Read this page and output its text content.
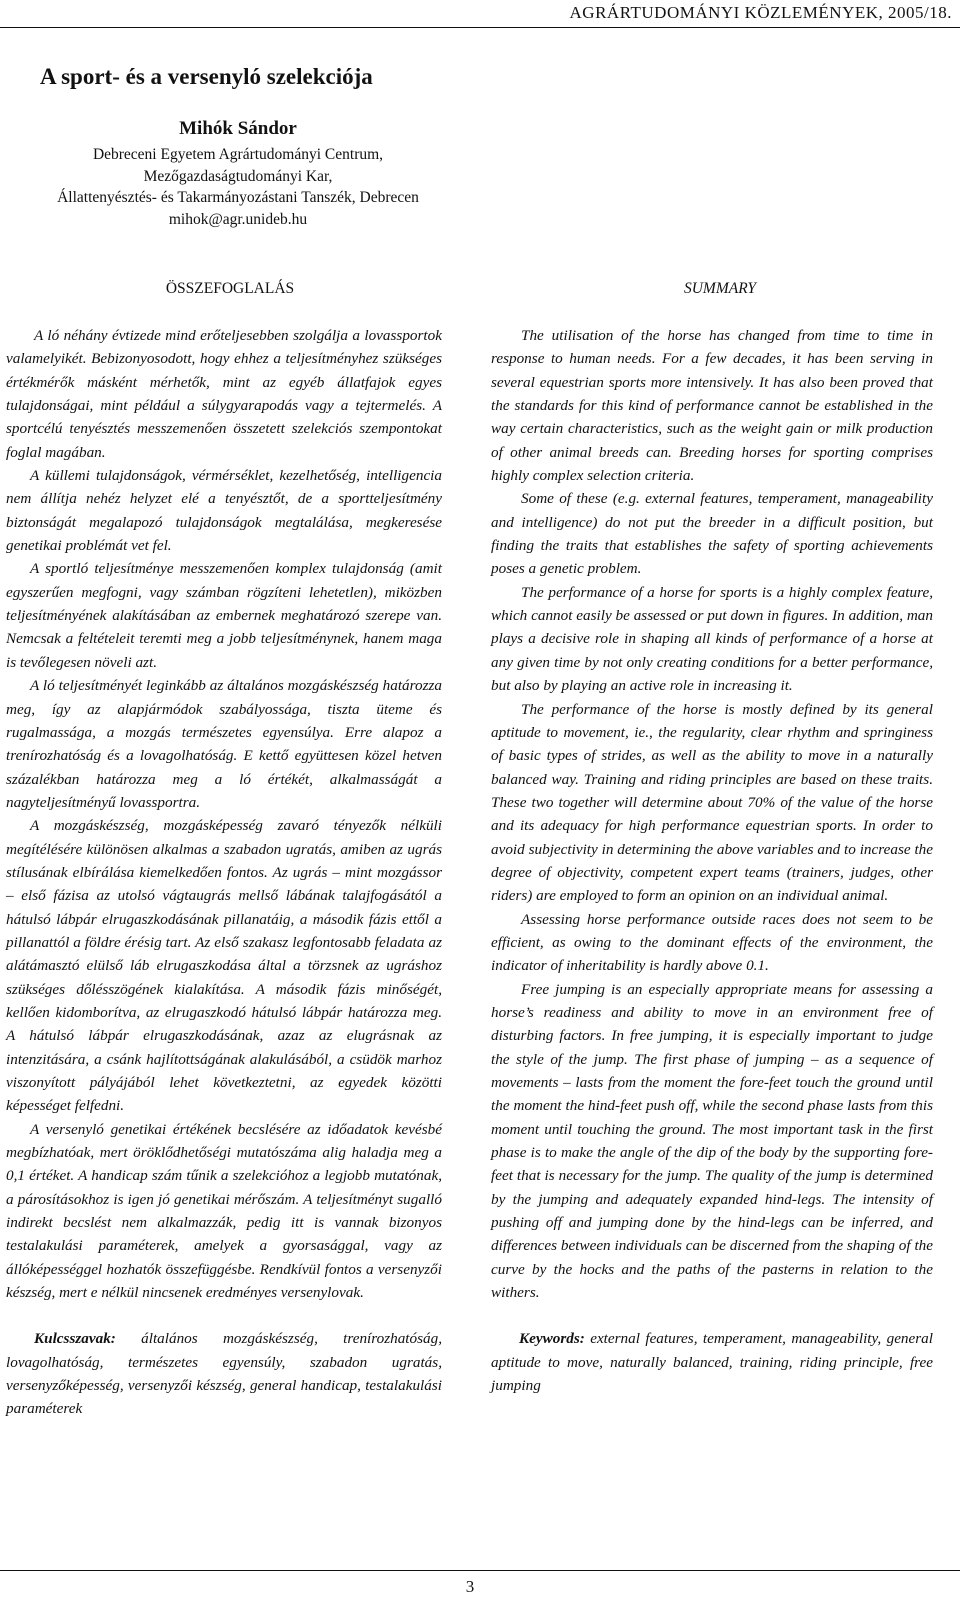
AGRÁRTUDOMÁNYI KÖZLEMÉNYEK, 2005/18.
A sport- és a versenyló szelekciója
Mihók Sándor
Debreceni Egyetem Agrártudományi Centrum,
Mezőgazdaságtudományi Kar,
Állattenyésztés- és Takarmányozástani Tanszék, Debrecen
mihok@agr.unideb.hu
ÖSSZEFOGLALÁS	SUMMARY

A ló néhány évtizede mind erőteljesebben szolgálja a lovassportok valamelyikét. Bebizonyosodott, hogy ehhez a teljesítményhez szükséges értékmérők másként mérhetők, mint az egyéb állatfajok egyes tulajdonságai, mint például a súlygyarapodás vagy a tejtermelés. A sportcélú tenyésztés messzemenően összetett szelekciós szempontokat foglal magában.

A küllemi tulajdonságok, vérmérséklet, kezelhetőség, intelligencia nem állítja nehéz helyzet elé a tenyésztőt, de a sportteljesítmény biztonságát megalapozó tulajdonságok megtalálása, megkeresése genetikai problémát vet fel.

A sportló teljesítménye messzemenően komplex tulajdonság (amit egyszerűen megfogni, vagy számban rögzíteni lehetetlen), miközben teljesítményének alakításában az embernek meghatározó szerepe van. Nemcsak a feltételeit teremti meg a jobb teljesítménynek, hanem maga is tevőlegesen növeli azt.

A ló teljesítményét leginkább az általános mozgáskészség határozza meg, így az alapjármódok szabályossága, tiszta üteme és rugalmassága, a mozgás természetes egyensúlya. Erre alapoz a trenírozhatóság és a lovagolhatóság. E kettő együttesen közel hetven százalékban határozza meg a ló értékét, alkalmasságát a nagyteljesítményű lovassportra.

A mozgáskészség, mozgásképesség zavaró tényezők nélküli megítélésére különösen alkalmas a szabadon ugratás, amiben az ugrás stílusának elbírálása kiemelkedően fontos. Az ugrás – mint mozgássor – első fázisa az utolsó vágtaugrás mellső lábának talajfogásától a hátulsó lábpár elrugaszkodásának pillanatáig, a második fázis ettől a pillanattól a földre érésig tart. Az első szakasz legfontosabb feladata az alátámasztó elülső láb elrugaszkodása által a törzsnek az ugráshoz szükséges dőlésszögének kialakítása. A második fázis minőségét, kellően kidomborítva, az elrugaszkodó hátulsó lábpár határozza meg. A hátulsó lábpár elrugaszkodásának, azaz az elugrásnak az intenzitására, a csánk hajlítottságának alakulásából, a csüdök marhoz viszonyított pályájából lehet következtetni, az egyedek közötti képességet felfedni.

A versenyló genetikai értékének becslésére az időadatok kevésbé megbízhatóak, mert öröklődhetőségi mutatószáma alig haladja meg a 0,1 értéket. A handicap szám tűnik a szelekcióhoz a legjobb mutatónak, a párosításokhoz is igen jó genetikai mérőszám. A teljesítményt sugalló indirekt becslést nem alkalmazzák, pedig itt is vannak bizonyos testalakulási paraméterek, amelyek a gyorsasággal, vagy az állóképességgel hozhatók összefüggésbe. Rendkívül fontos a versenyzői készség, mert e nélkül nincsenek eredményes versenylovak.

Kulcsszavak: általános mozgáskészség, trenírozhatóság, lovagolhatóság, természetes egyensúly, szabadon ugratás, versenyzőképesség, versenyzői készség, general handicap, testalakulási paraméterek

The utilisation of the horse has changed from time to time in response to human needs. For a few decades, it has been serving in several equestrian sports more intensively. It has also been proved that the standards for this kind of performance cannot be established in the way certain characteristics, such as the weight gain or milk production of other animal breeds can. Breeding horses for sporting comprises highly complex selection criteria.

Some of these (e.g. external features, temperament, manageability and intelligence) do not put the breeder in a difficult position, but finding the traits that establishes the safety of sporting achievements poses a genetic problem.

The performance of a horse for sports is a highly complex feature, which cannot easily be assessed or put down in figures. In addition, man plays a decisive role in shaping all kinds of performance of a horse at any given time by not only creating conditions for a better performance, but also by playing an active role in increasing it.

The performance of the horse is mostly defined by its general aptitude to movement, ie., the regularity, clear rhythm and springiness of basic types of strides, as well as the ability to move in a naturally balanced way. Training and riding principles are based on these traits. These two together will determine about 70% of the value of the horse and its adequacy for high performance equestrian sports. In order to avoid subjectivity in determining the above variables and to increase the degree of objectivity, competent expert teams (trainers, judges, other riders) are employed to form an opinion on an individual animal.

Assessing horse performance outside races does not seem to be efficient, as owing to the dominant effects of the environment, the indicator of inheritability is hardly above 0.1.

Free jumping is an especially appropriate means for assessing a horse’s readiness and ability to move in an environment free of disturbing factors. In free jumping, it is especially important to judge the style of the jump. The first phase of jumping – as a sequence of movements – lasts from the moment the fore-feet touch the ground until the moment the hind-feet push off, while the second phase lasts from this moment until touching the ground. The most important task in the first phase is to make the angle of the dip of the body by the supporting fore-feet that is necessary for the jump. The quality of the jump is determined by the jumping and adequately expanded hind-legs. The intensity of pushing off and jumping done by the hind-legs can be inferred, and differences between individuals can be discerned from the shaping of the curve by the hocks and the paths of the pasterns in relation to the withers.

Keywords: external features, temperament, manageability, general aptitude to move, naturally balanced, training, riding principle, free jumping

3
